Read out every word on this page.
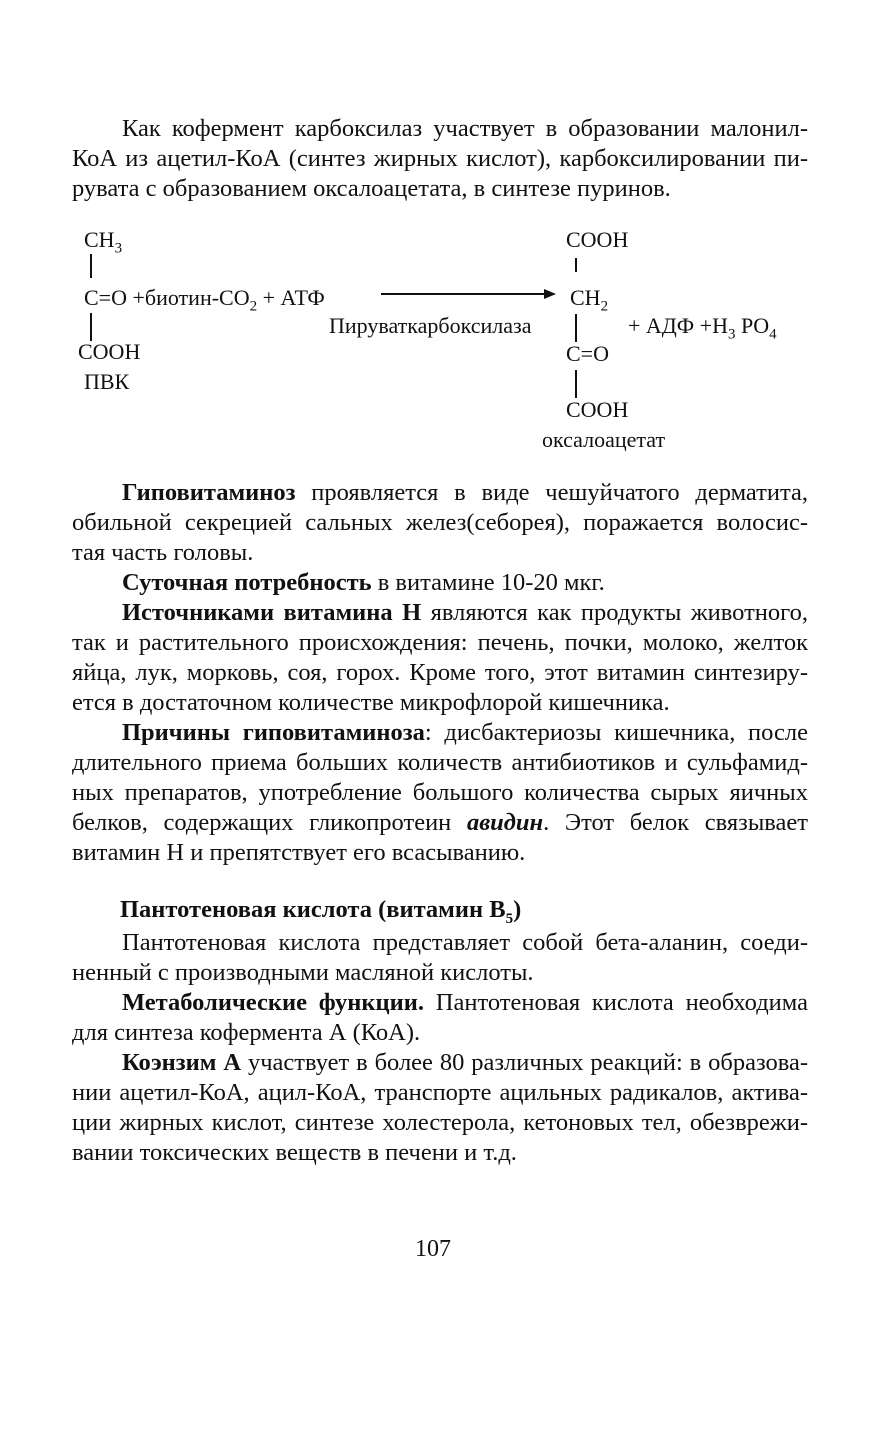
Как кофермент карбоксилаз участвует в образовании малонил-
КоА из ацетил-КоА (синтез жирных кислот), карбоксилировании пи-
рувата с образованием оксалоацетата, в синтезе пуринов.
$CH_3$
$C=O +биотин-CO_2$ + АТФ
COOH
ПВК
Пируваткарбоксилаза
COOH
$CH_2$
+ АДФ $+H_3$ $PO_4$
C=O
COOH
оксалоацетат
Гиповитаминоз проявляется в виде чешуйчатого дерматита,
обильной секрецией сальных желез(себорея), поражается волосис-
тая часть головы.
Суточная потребность в витамине 10-20 мкг.
Источниками витамина H являются как продукты животного,
так и растительного происхождения: печень, почки, молоко, желток
яйца, лук, морковь, соя, горох. Кроме того, этот витамин синтезиру-
ется в достаточном количестве микрофлорой кишечника.
Причины гиповитаминоза: дисбактериозы кишечника, после
длительного приема больших количеств антибиотиков и сульфамид-
ных препаратов, употребление большого количества сырых яичных
белков, содержащих гликопротеин авидин. Этот белок связывает
витамин H и препятствует его всасыванию.
Пантотеновая кислота (витамин $B_5$)
Пантотеновая кислота представляет собой бета-аланин, соеди-
ненный с производными масляной кислоты.
Метаболические функции. Пантотеновая кислота необходима
для синтеза кофермента А (КоА).
Коэнзим А участвует в более 80 различных реакций: в образова-
нии ацетил-КоА, ацил-КоА, транспорте ацильных радикалов, актива-
ции жирных кислот, синтезе холестерола, кетоновых тел, обезврежи-
вании токсических веществ в печени и т.д.
107
